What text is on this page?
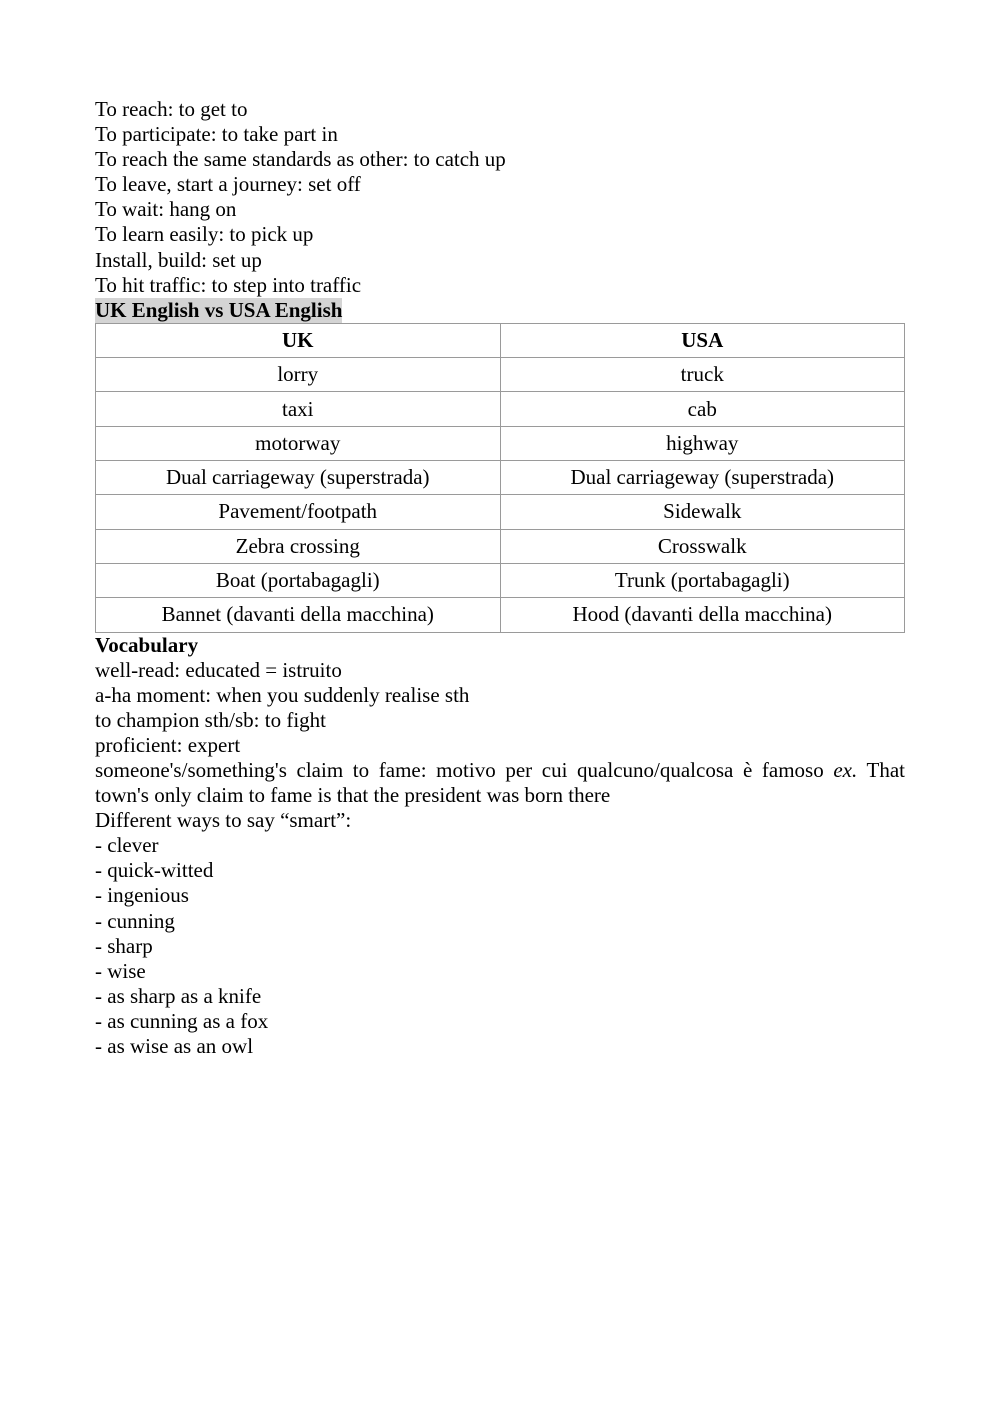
To reach: to get to
To participate: to take part in
To reach the same standards as other: to catch up
To leave, start a journey: set off
To wait: hang on
To learn easily: to pick up
Install, build: set up
To hit traffic: to step into traffic
UK English vs USA English
UK	USA
lorry	truck
taxi	cab
motorway	highway
Dual carriageway (superstrada)	Dual carriageway (superstrada)
Pavement/footpath	Sidewalk
Zebra crossing	Crosswalk
Boat (portabagagli)	Trunk (portabagagli)
Bannet (davanti della macchina)	Hood (davanti della macchina)
Vocabulary
well-read: educated = istruito
a-ha moment: when you suddenly realise sth
to champion sth/sb: to fight
proficient: expert
someone's/something's claim to fame: motivo per cui qualcuno/qualcosa è famoso ex. That town's only claim to fame is that the president was born there
Different ways to say “smart”:
- clever
- quick-witted
- ingenious
- cunning
- sharp
- wise
- as sharp as a knife
- as cunning as a fox
- as wise as an owl
